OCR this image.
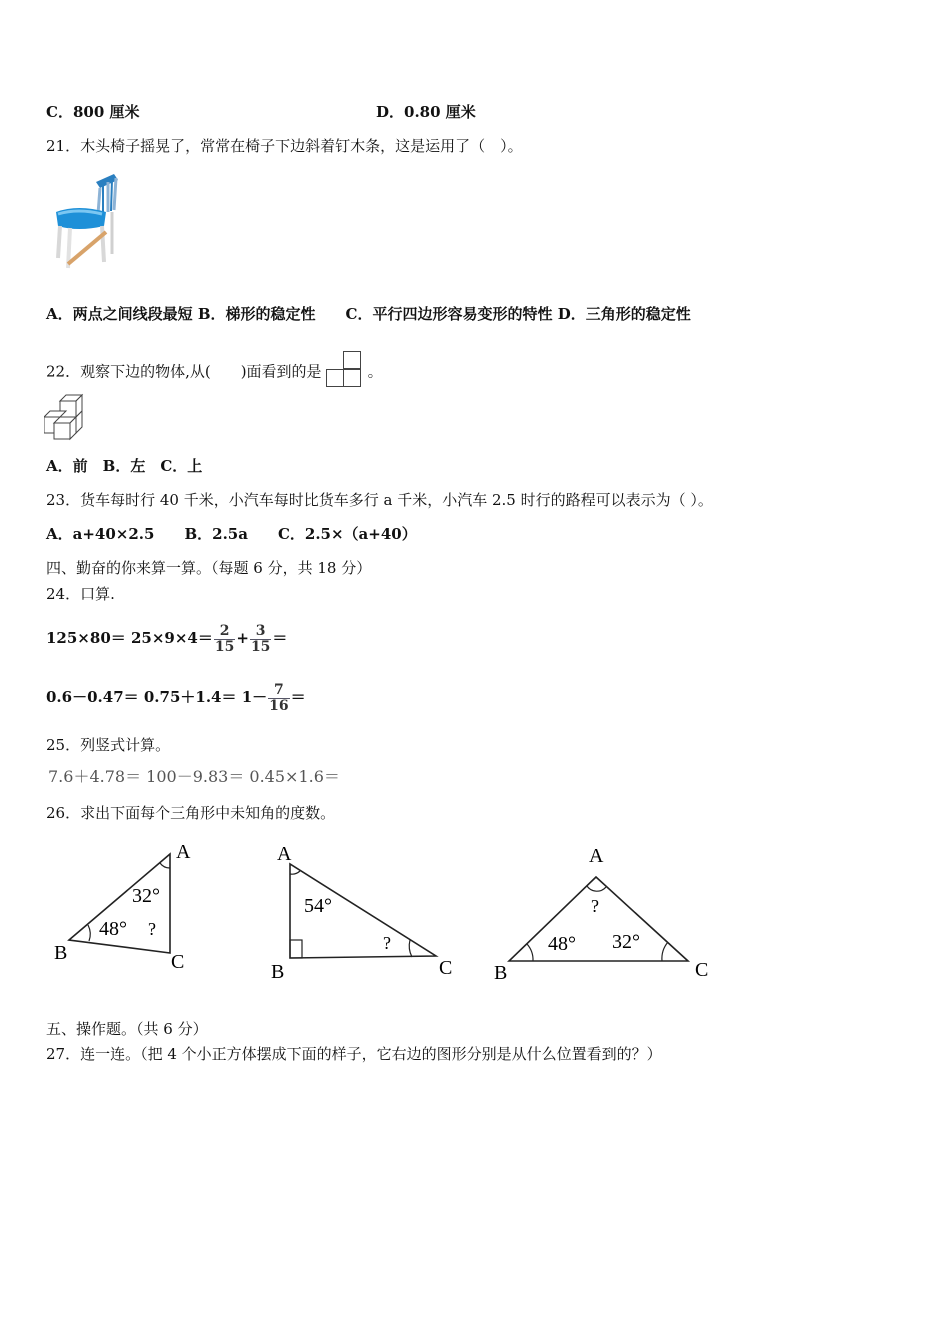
C．800 厘米	D．0.80 厘米
21．木头椅子摇晃了，常常在椅子下边斜着钉木条，这是运用了（　）。
A．两点之间线段最短 B．梯形的稳定性　　C．平行四边形容易变形的特性 D．三角形的稳定性
22．观察下边的物体,从(　　)面看到的是	。
A．前　B．左　C．上
23．货车每时行 40 千米，小汽车每时比货车多行 a 千米，小汽车 2.5 时行的路程可以表示为（ ）。
A．a+40×2.5　　B．2.5a　　C．2.5×（a+40）
四、勤奋的你来算一算。（每题 6 分，共 18 分）
24．口算.
$125\times 80= 25\times 9\times 4= \frac{2}{15} + \frac{3}{15}$ ＝
$0.6-0.47= 0.75+1.4= 1- \frac{7}{16}$ ＝
25．列竖式计算。
7.6＋4.78＝ 100－9.83＝ 0.45×1.6＝
26．求出下面每个三角形中未知角的度数。
A
B	C
32°
48° ?
A
B	C
54°
?
A
B	C
?
48° 32°
五、操作题。（共 6 分）
27．连一连。（把 4 个小正方体摆成下面的样子，它右边的图形分别是从什么位置看到的？）
